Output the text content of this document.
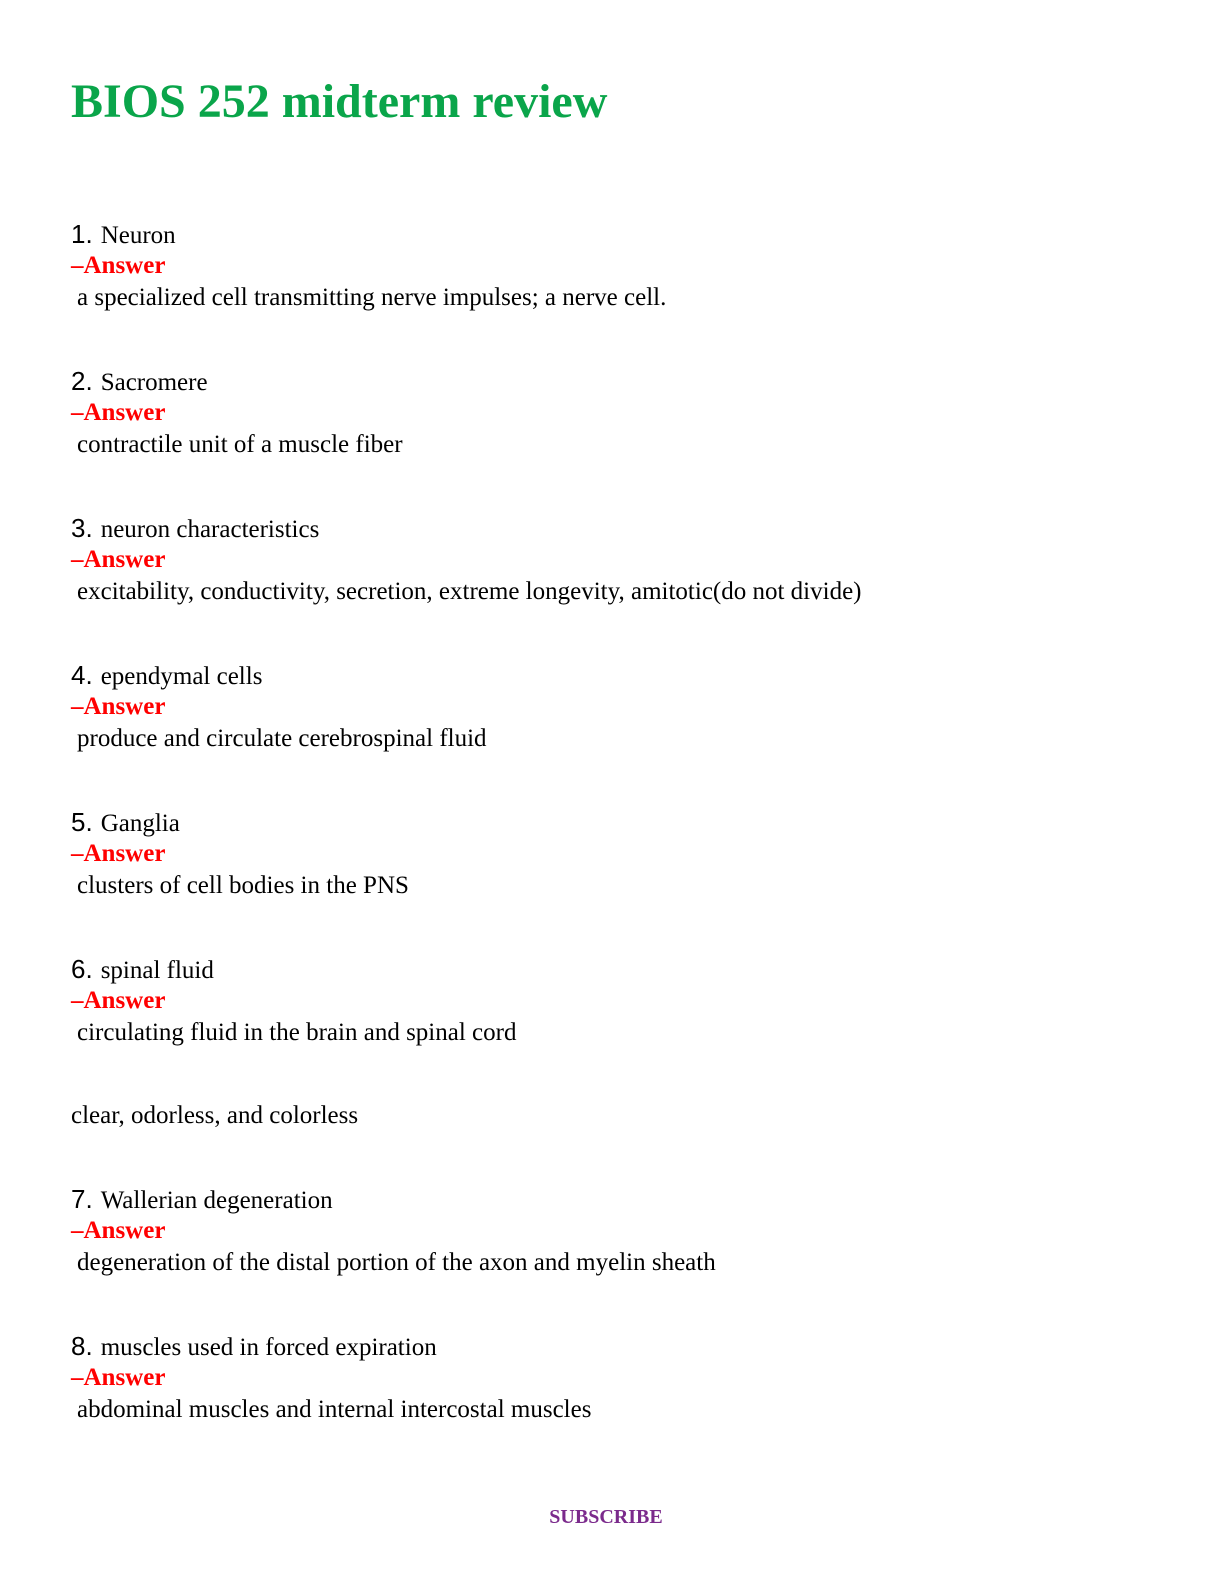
BIOS 252 midterm review
1. Neuron
–Answer
a specialized cell transmitting nerve impulses; a nerve cell.
2. Sacromere
–Answer
contractile unit of a muscle fiber
3. neuron characteristics
–Answer
excitability, conductivity, secretion, extreme longevity, amitotic(do not divide)
4. ependymal cells
–Answer
produce and circulate cerebrospinal fluid
5. Ganglia
–Answer
clusters of cell bodies in the PNS
6. spinal fluid
–Answer
circulating fluid in the brain and spinal cord
clear, odorless, and colorless
7. Wallerian degeneration
–Answer
degeneration of the distal portion of the axon and myelin sheath
8. muscles used in forced expiration
–Answer
abdominal muscles and internal intercostal muscles
SUBSCRIBE
